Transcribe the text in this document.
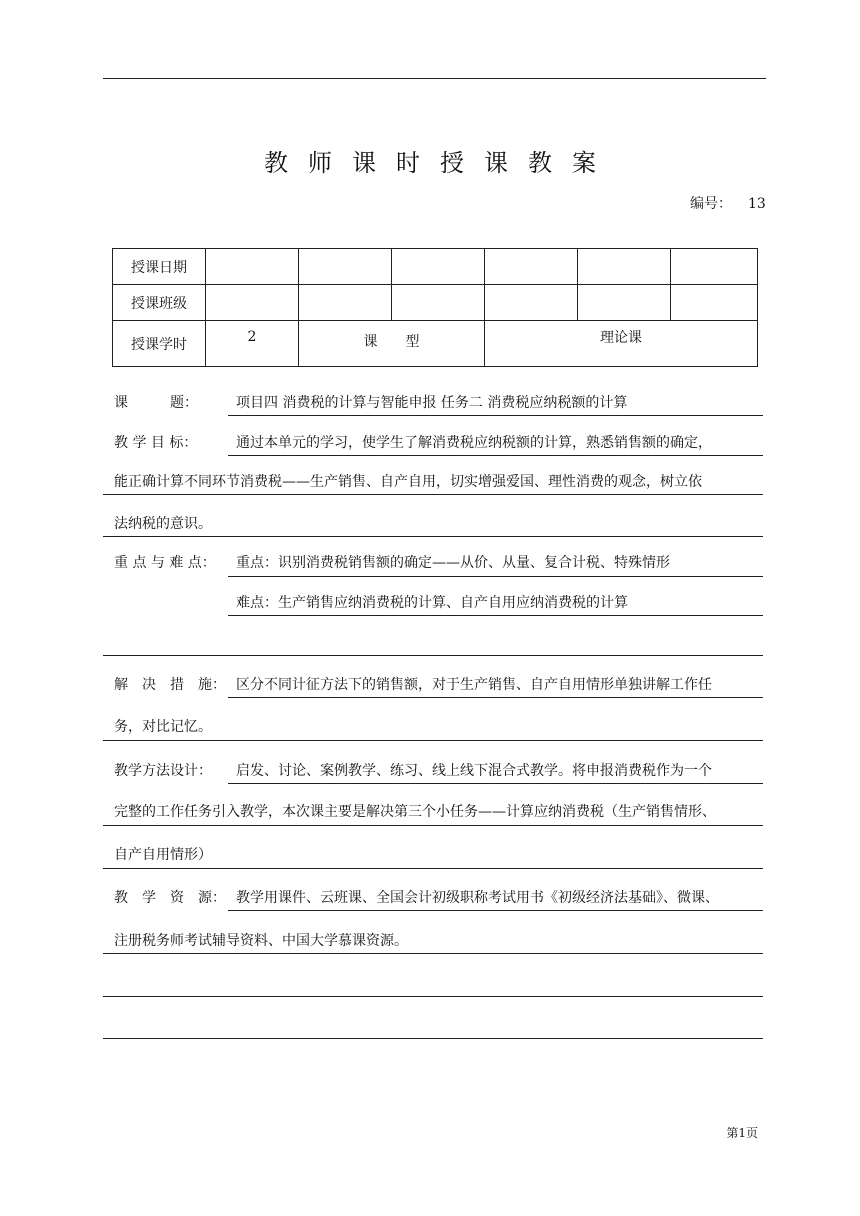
教师课时授课教案
编号： 13
授课日期						
授课班级						
授课学时	2	课　　型		理论课		
课　　　题：	项目四 消费税的计算与智能申报 任务二 消费税应纳税额的计算
教 学 目 标：	通过本单元的学习，使学生了解消费税应纳税额的计算，熟悉销售额的确定，
能正确计算不同环节消费税——生产销售、自产自用，切实增强爱国、理性消费的观念，树立依
法纳税的意识。
重 点 与 难 点： 重点：识别消费税销售额的确定——从价、从量、复合计税、特殊情形
难点：生产销售应纳消费税的计算、自产自用应纳消费税的计算
解　决　措　施： 区分不同计征方法下的销售额，对于生产销售、自产自用情形单独讲解工作任
务，对比记忆。
教学方法设计： 启发、讨论、案例教学、练习、线上线下混合式教学。将申报消费税作为一个
完整的工作任务引入教学，本次课主要是解决第三个小任务——计算应纳消费税（生产销售情形、
自产自用情形）
教　学　资　源： 教学用课件、云班课、全国会计初级职称考试用书《初级经济法基础》、微课、
注册税务师考试辅导资料、中国大学慕课资源。
第1页
